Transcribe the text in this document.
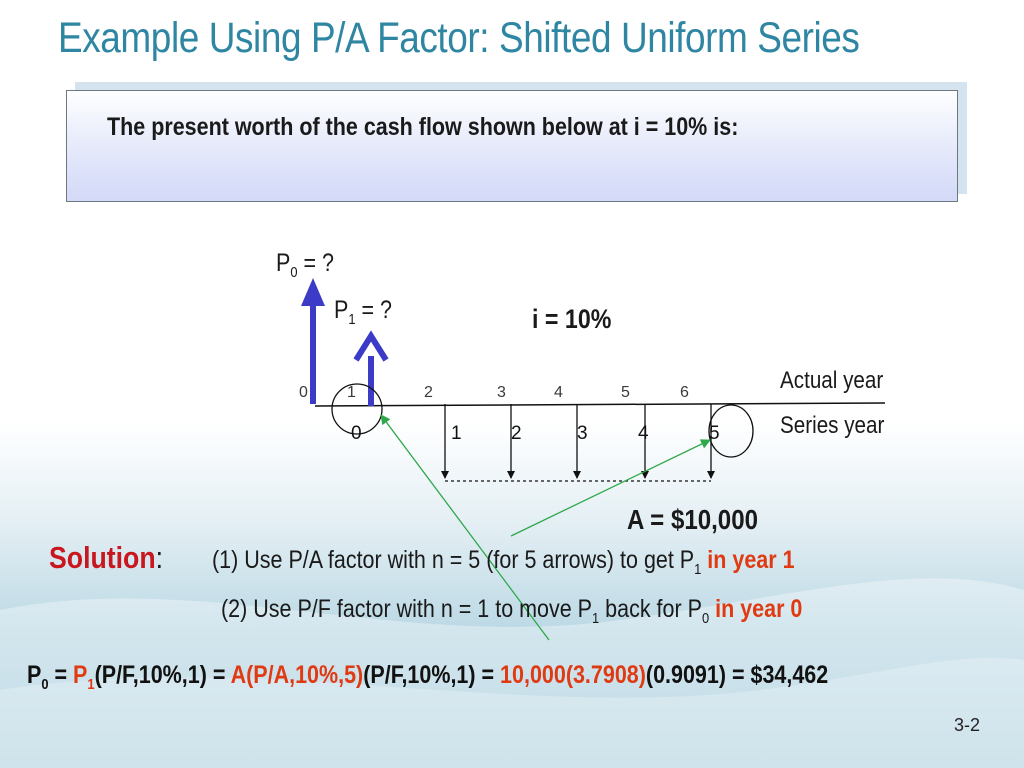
Example Using P/A Factor: Shifted Uniform Series
The present worth of the cash flow shown below at i = 10% is:
$P_0$ = ?
$P_1$ = ?	i = 10%
Actual year
Series year
0 1	2	3	4	5	6
0	1	2	3	4	5
A = $10,000
Solution: (1) Use P/A factor with n = 5 (for 5 arrows) to get $P_1$ in year 1
(2) Use P/F factor with n = 1 to move $P_1$ back for $P_0$ in year 0
$P_0 = P_1(P/F,10\%,1) = A(P/A,10\%,5)(P/F,10\%,1) = 10,000(3.7908)(0.9091)$ = $34,462
3-2
